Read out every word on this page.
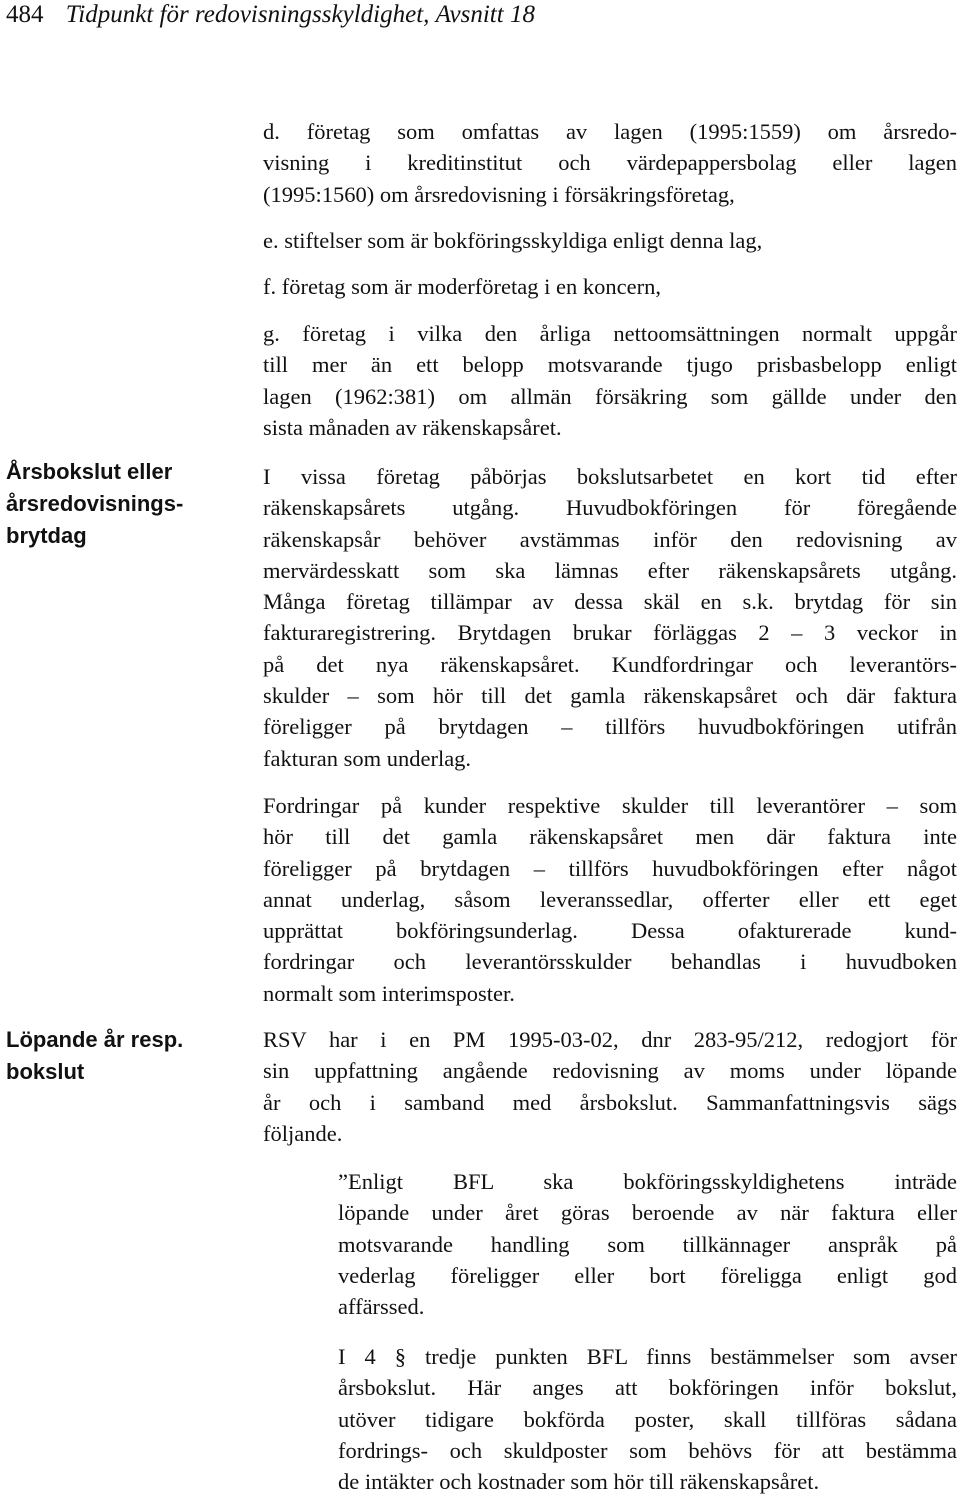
484 Tidpunkt för redovisningsskyldighet, Avsnitt 18
Årsbokslut eller
årsredovisnings-
brytdag
Löpande år resp.
bokslut
d. företag som omfattas av lagen (1995:1559) om årsredo-
visning i kreditinstitut och värdepappersbolag eller lagen
(1995:1560) om årsredovisning i försäkringsföretag,
e. stiftelser som är bokföringsskyldiga enligt denna lag,
f. företag som är moderföretag i en koncern,
g. företag i vilka den årliga nettoomsättningen normalt uppgår
till mer än ett belopp motsvarande tjugo prisbasbelopp enligt
lagen (1962:381) om allmän försäkring som gällde under den
sista månaden av räkenskapsåret.
I vissa företag påbörjas bokslutsarbetet en kort tid efter
räkenskapsårets utgång. Huvudbokföringen för föregående
räkenskapsår behöver avstämmas inför den redovisning av
mervärdesskatt som ska lämnas efter räkenskapsårets utgång.
Många företag tillämpar av dessa skäl en s.k. brytdag för sin
fakturaregistrering. Brytdagen brukar förläggas 2 – 3 veckor in
på det nya räkenskapsåret. Kundfordringar och leverantörs-
skulder – som hör till det gamla räkenskapsåret och där faktura
föreligger på brytdagen – tillförs huvudbokföringen utifrån
fakturan som underlag.
Fordringar på kunder respektive skulder till leverantörer – som
hör till det gamla räkenskapsåret men där faktura inte
föreligger på brytdagen – tillförs huvudbokföringen efter något
annat underlag, såsom leveranssedlar, offerter eller ett eget
upprättat bokföringsunderlag. Dessa ofakturerade kund-
fordringar och leverantörsskulder behandlas i huvudboken
normalt som interimsposter.
RSV har i en PM 1995-03-02, dnr 283-95/212, redogjort för
sin uppfattning angående redovisning av moms under löpande
år och i samband med årsbokslut. Sammanfattningsvis sägs
följande.
”Enligt BFL ska bokföringsskyldighetens inträde
löpande under året göras beroende av när faktura eller
motsvarande handling som tillkännager anspråk på
vederlag föreligger eller bort föreligga enligt god
affärssed.
I 4 § tredje punkten BFL finns bestämmelser som avser
årsbokslut. Här anges att bokföringen inför bokslut,
utöver tidigare bokförda poster, skall tillföras sådana
fordrings- och skuldposter som behövs för att bestämma
de intäkter och kostnader som hör till räkenskapsåret.
